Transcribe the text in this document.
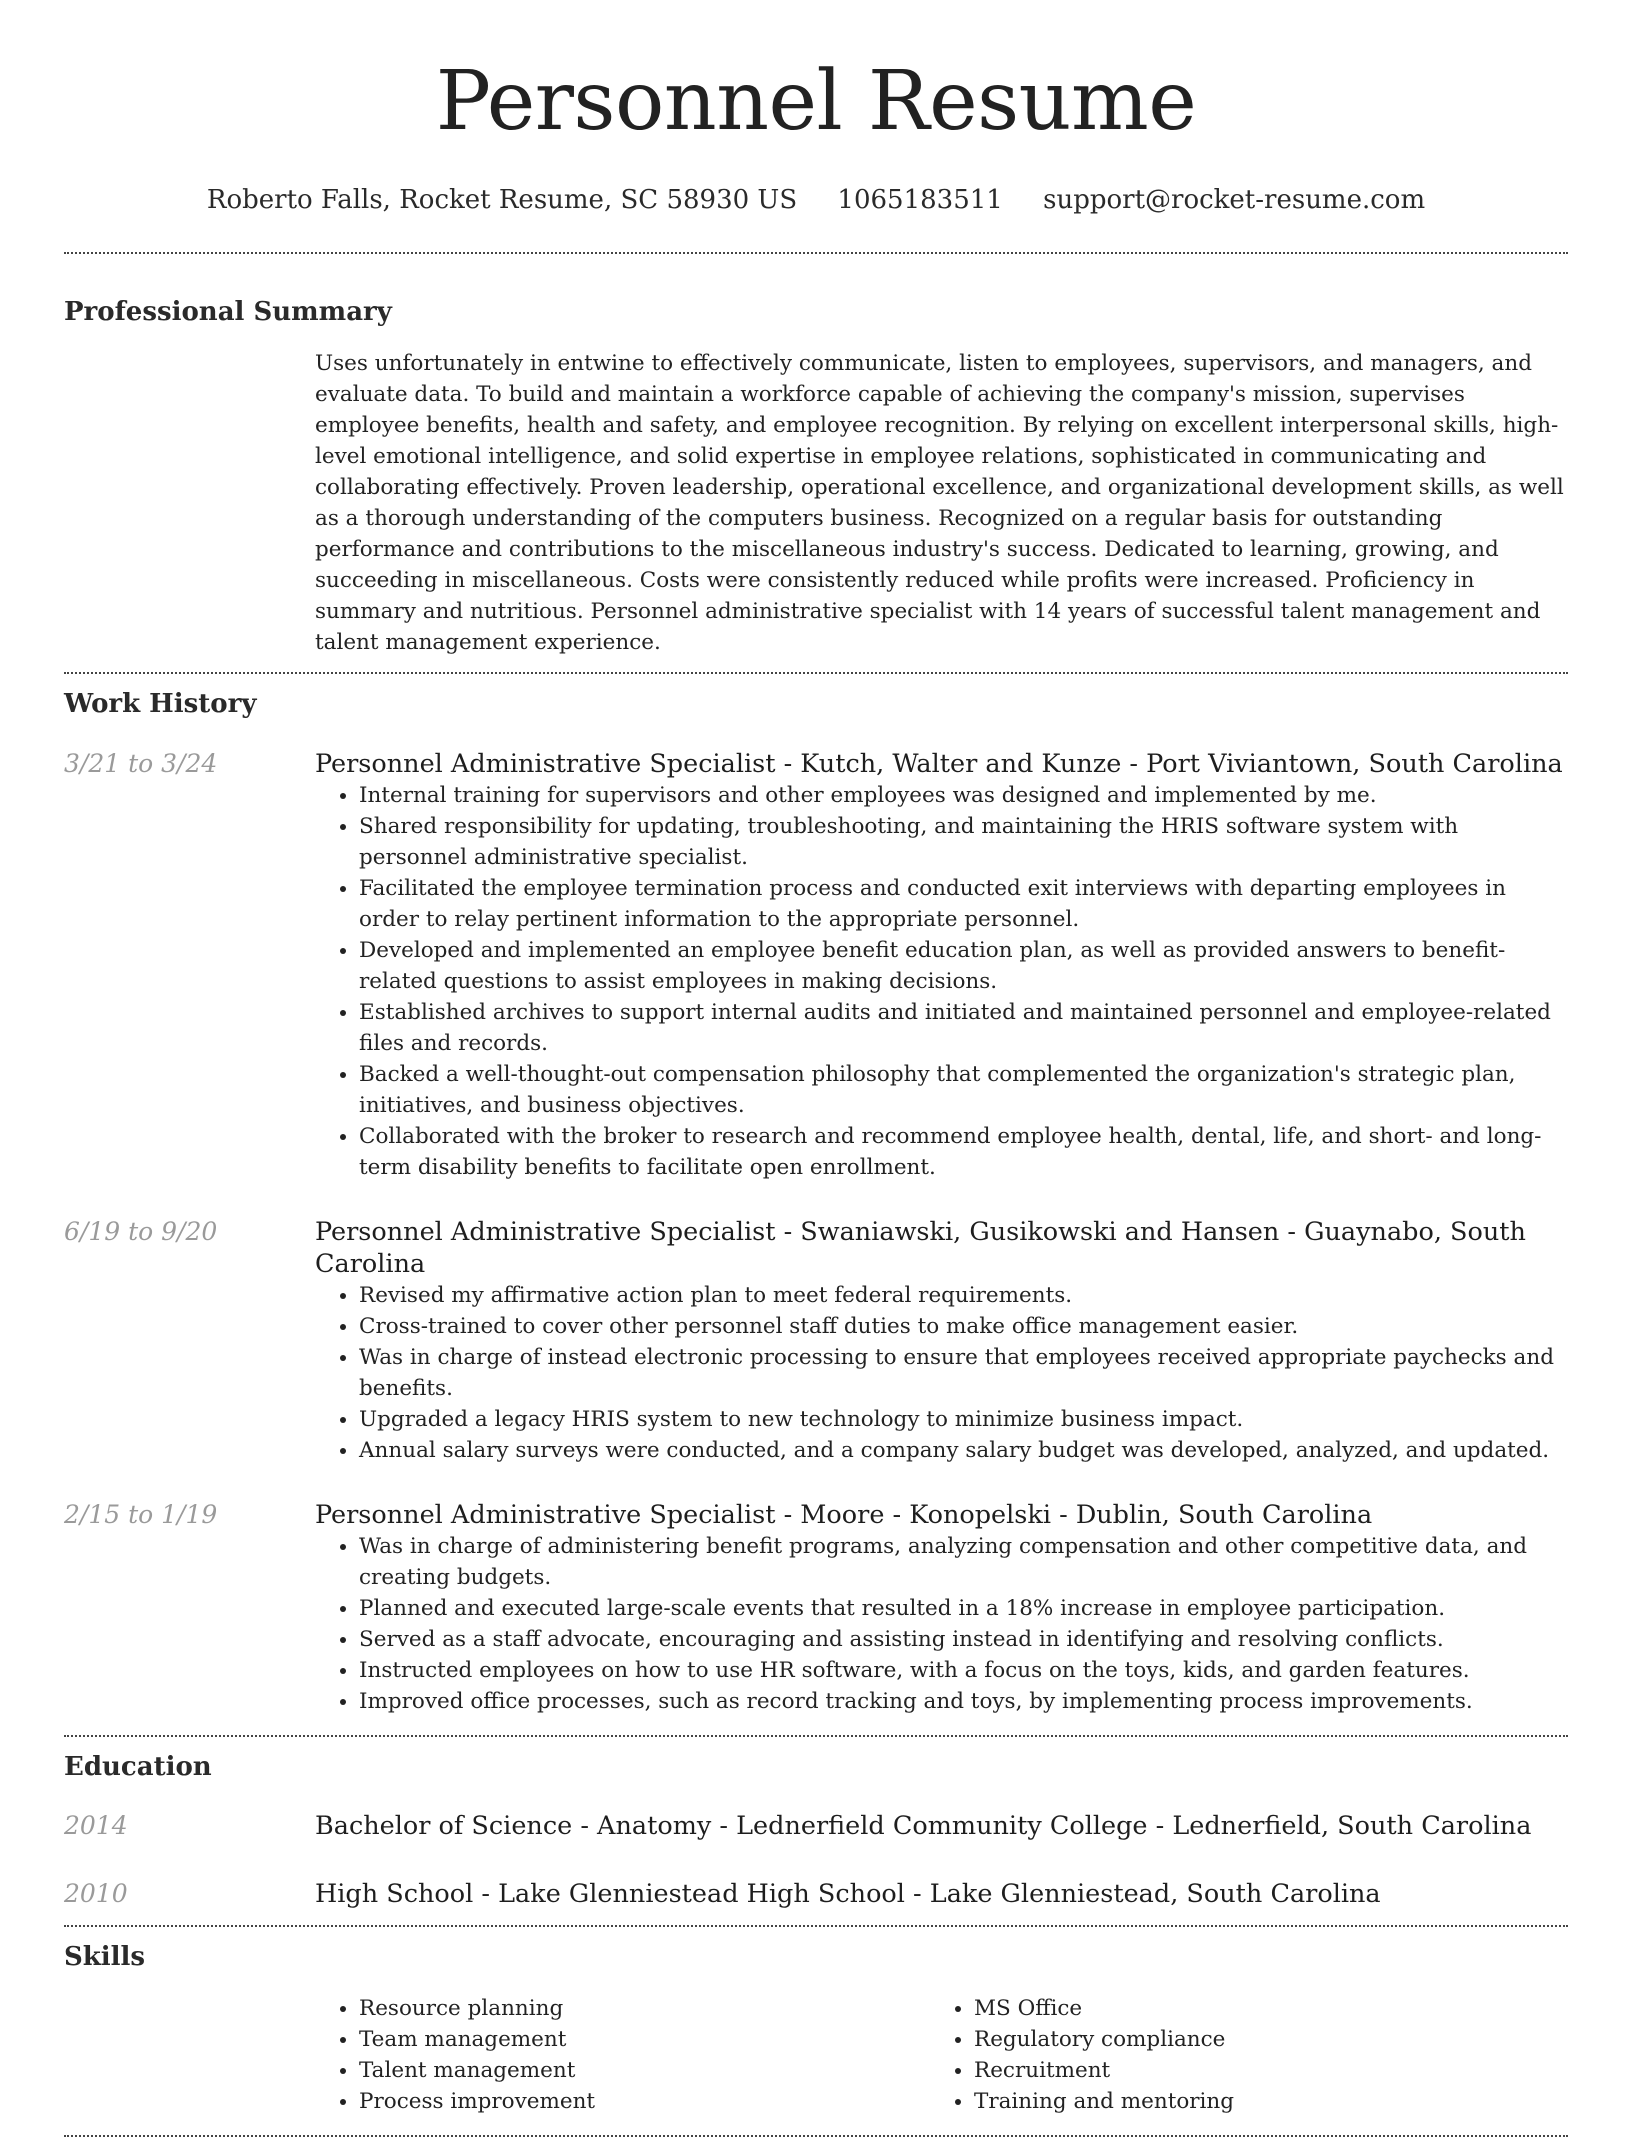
Personnel Resume
Roberto Falls, Rocket Resume, SC 58930 US 1065183511 support@rocket-resume.com
Professional Summary
Uses unfortunately in entwine to effectively communicate, listen to employees, supervisors, and managers, and evaluate data. To build and maintain a workforce capable of achieving the company's mission, supervises employee benefits, health and safety, and employee recognition. By relying on excellent interpersonal skills, high-level emotional intelligence, and solid expertise in employee relations, sophisticated in communicating and collaborating effectively. Proven leadership, operational excellence, and organizational development skills, as well as a thorough understanding of the computers business. Recognized on a regular basis for outstanding performance and contributions to the miscellaneous industry's success. Dedicated to learning, growing, and succeeding in miscellaneous. Costs were consistently reduced while profits were increased. Proficiency in summary and nutritious. Personnel administrative specialist with 14 years of successful talent management and talent management experience.
Work History
3/21 to 3/24	Personnel Administrative Specialist - Kutch, Walter and Kunze - Port Viviantown, South Carolina
• Internal training for supervisors and other employees was designed and implemented by me.
• Shared responsibility for updating, troubleshooting, and maintaining the HRIS software system with personnel administrative specialist.
• Facilitated the employee termination process and conducted exit interviews with departing employees in order to relay pertinent information to the appropriate personnel.
• Developed and implemented an employee benefit education plan, as well as provided answers to benefit-related questions to assist employees in making decisions.
• Established archives to support internal audits and initiated and maintained personnel and employee-related files and records.
• Backed a well-thought-out compensation philosophy that complemented the organization's strategic plan, initiatives, and business objectives.
• Collaborated with the broker to research and recommend employee health, dental, life, and short- and long-term disability benefits to facilitate open enrollment.
6/19 to 9/20	Personnel Administrative Specialist - Swaniawski, Gusikowski and Hansen - Guaynabo, South Carolina
• Revised my affirmative action plan to meet federal requirements.
• Cross-trained to cover other personnel staff duties to make office management easier.
• Was in charge of instead electronic processing to ensure that employees received appropriate paychecks and benefits.
• Upgraded a legacy HRIS system to new technology to minimize business impact.
• Annual salary surveys were conducted, and a company salary budget was developed, analyzed, and updated.
2/15 to 1/19	Personnel Administrative Specialist - Moore - Konopelski - Dublin, South Carolina
• Was in charge of administering benefit programs, analyzing compensation and other competitive data, and creating budgets.
• Planned and executed large-scale events that resulted in a 18% increase in employee participation.
• Served as a staff advocate, encouraging and assisting instead in identifying and resolving conflicts.
• Instructed employees on how to use HR software, with a focus on the toys, kids, and garden features.
• Improved office processes, such as record tracking and toys, by implementing process improvements.
Education
2014	Bachelor of Science - Anatomy - Lednerfield Community College - Lednerfield, South Carolina
2010	High School - Lake Glenniestead High School - Lake Glenniestead, South Carolina
Skills
• Resource planning
• Team management
• Talent management
• Process improvement
• MS Office
• Regulatory compliance
• Recruitment
• Training and mentoring
